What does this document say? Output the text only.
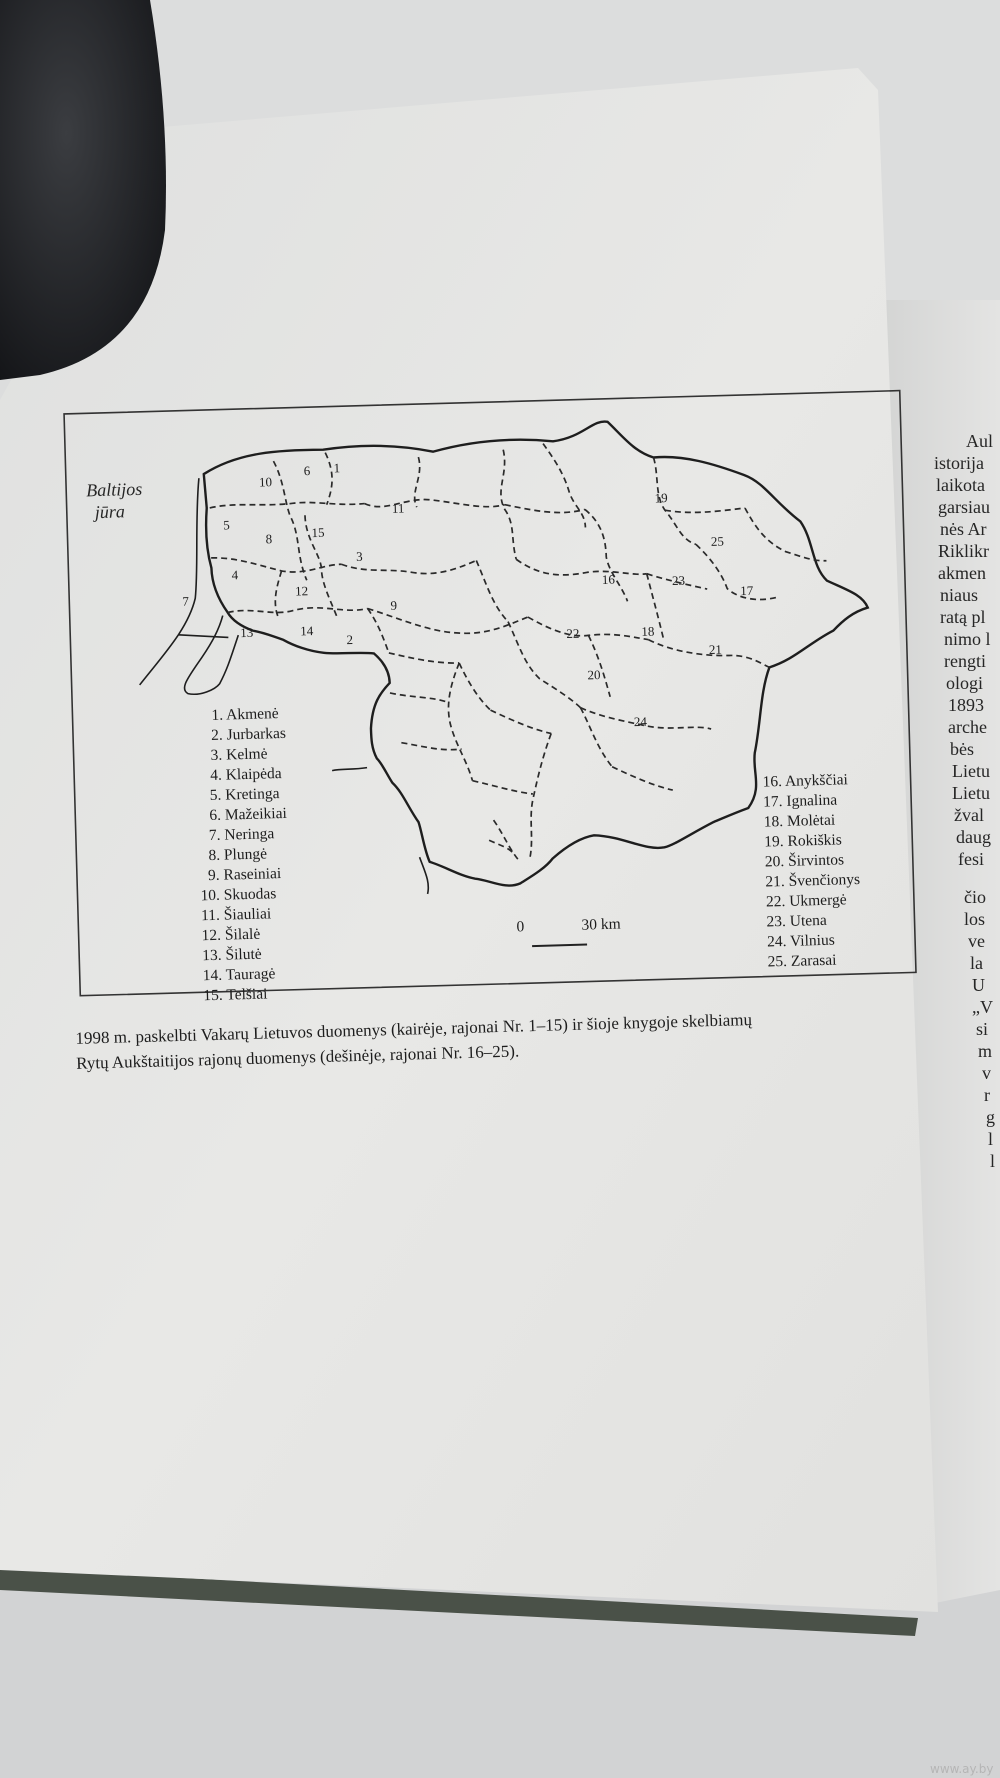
Baltijos
jūra
1
2
3
4
5
6
7
8
9
10
11
12
13	14
15
16
17
18
19
20
21
22
23
24
25
1. Akmenė
2. Jurbarkas
3. Kelmė
4. Klaipėda
5. Kretinga
6. Mažeikiai
7. Neringa
8. Plungė
9. Raseiniai
10. Skuodas
11. Šiauliai
12. Šilalė
13. Šilutė
14. Tauragė
15. Telšiai
16. Anykščiai
17. Ignalina
18. Molėtai
19. Rokiškis
20. Širvintos
21. Švenčionys
22. Ukmergė
23. Utena
24. Vilnius
25. Zarasai
0	30 km
1998 m. paskelbti Vakarų Lietuvos duomenys (kairėje, rajonai Nr. 1–15) ir šioje knygoje skelbiamų
Rytų Aukštaitijos rajonų duomenys (dešinėje, rajonai Nr. 16–25).
Aul
istorija
laikota
garsiau
nės Ar
Riklikr
akmen
niaus
ratą pl
nimo l
rengti
ologi
1893
arche
bės
Lietu
Lietu
žval
daug
fesi
čio
los
ve
la
U
„V
si
m
v
r
g
l
l
www.ay.by
